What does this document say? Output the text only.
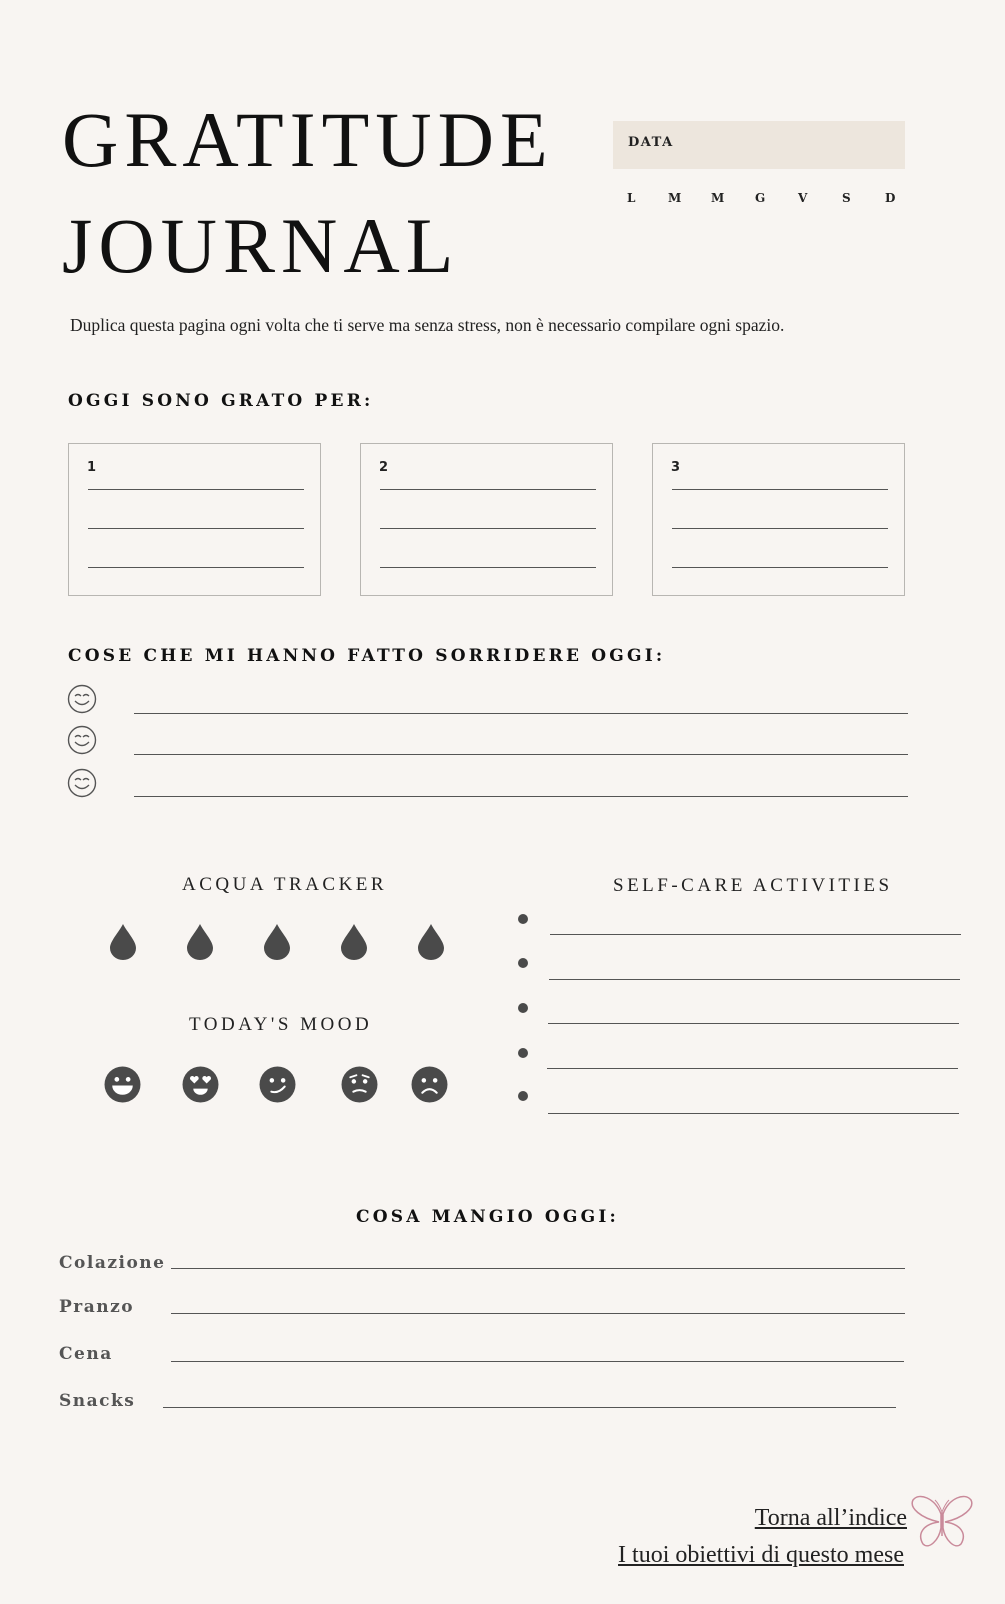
GRATITUDE
JOURNAL
DATA
L	M M	G	V	S	D
Duplica questa pagina ogni volta che ti serve ma senza stress, non è necessario compilare ogni spazio.
OGGI SONO GRATO PER:
1	2	3
COSE CHE MI HANNO FATTO SORRIDERE OGGI:
ACQUA TRACKER
TODAY'S MOOD
SELF-CARE ACTIVITIES
COSA MANGIO OGGI:
Colazione
Pranzo
Cena
Snacks
Torna all’indice
I tuoi obiettivi di questo mese
